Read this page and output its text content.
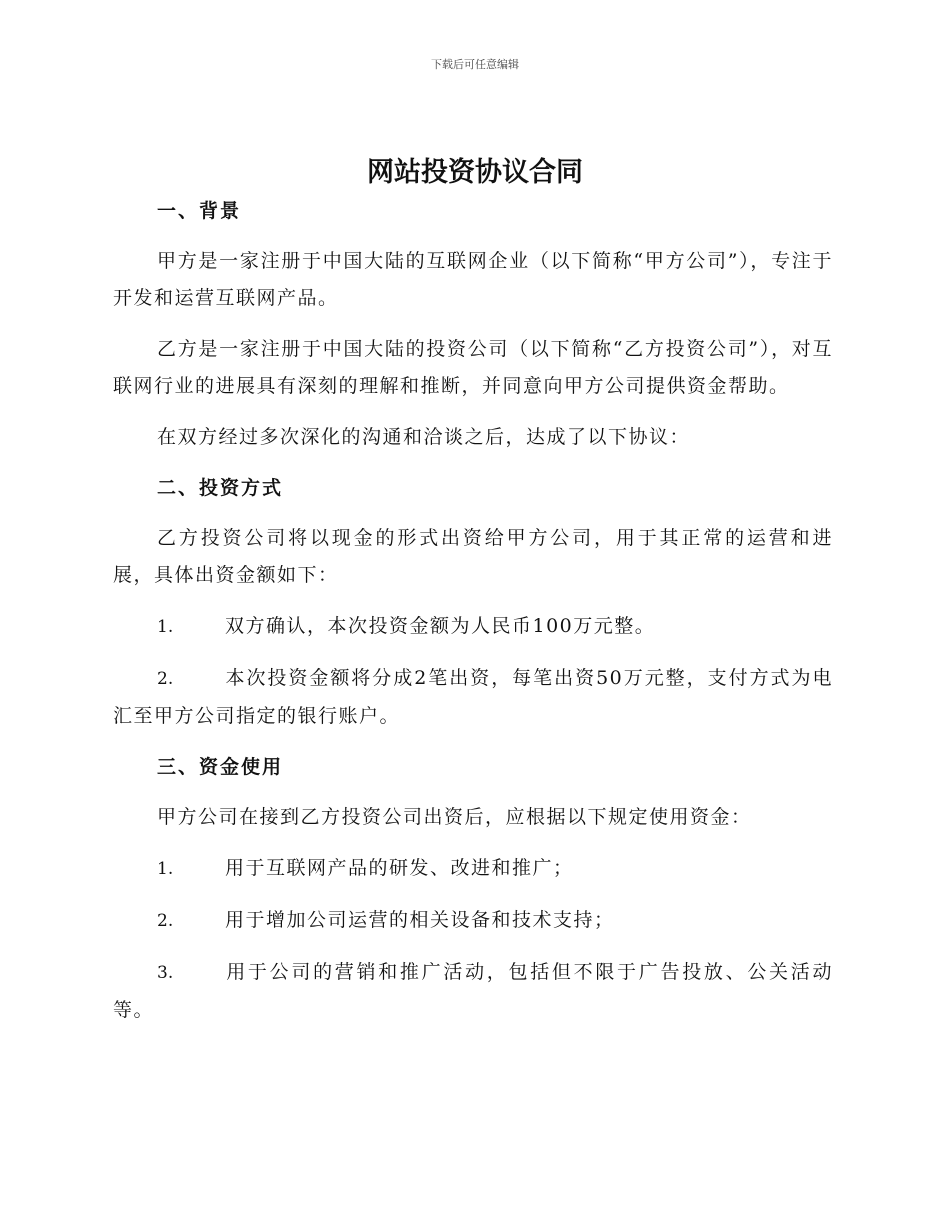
下载后可任意编辑
网站投资协议合同
一、背景

甲方是一家注册于中国大陆的互联网企业（以下简称“甲方公司”），专注于开发和运营互联网产品。

乙方是一家注册于中国大陆的投资公司（以下简称“乙方投资公司”），对互联网行业的进展具有深刻的理解和推断，并同意向甲方公司提供资金帮助。

在双方经过多次深化的沟通和洽谈之后，达成了以下协议：

二、投资方式

乙方投资公司将以现金的形式出资给甲方公司，用于其正常的运营和进展，具体出资金额如下：

1.	双方确认，本次投资金额为人民币100万元整。

2.	本次投资金额将分成2笔出资，每笔出资50万元整，支付方式为电汇至甲方公司指定的银行账户。

三、资金使用

甲方公司在接到乙方投资公司出资后，应根据以下规定使用资金：

1.	用于互联网产品的研发、改进和推广；

2.	用于增加公司运营的相关设备和技术支持；

3.	用于公司的营销和推广活动，包括但不限于广告投放、公关活动等。
